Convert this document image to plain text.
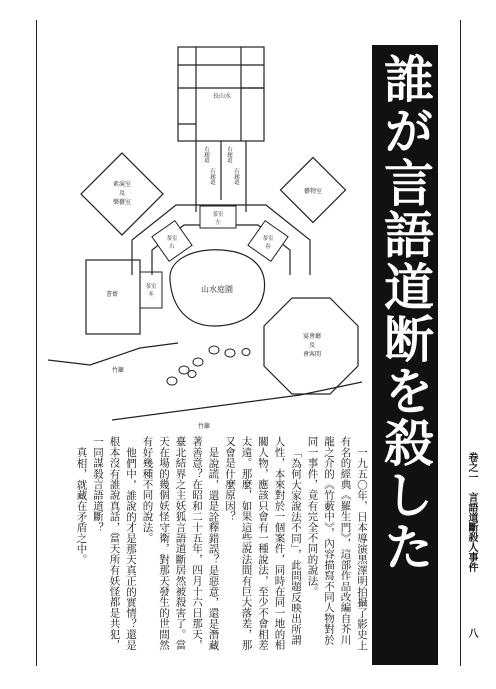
長山水
右廊道
石廊道
右廊道
石廊道
茶室
左
茶室
右
茶室
春
素演室
及
樂藝室
藝物室
書齋
茶室
冬
山水庭園
宴會廳
及
會客間
竹籬
竹籬	誰が言語道断を殺したの？

一九五〇年，日本導演黑澤明拍攝了影史上有名的經典《羅生門》，這部作品改編自芥川龍之介的《竹藪中》，內容描寫不同人物對於同一事件，竟有完全不同的說法。

「為何大家說法不同」，此問題反映出所謂人性，本來對於一個案件，同時在同一地的相關人物，應該只會有一種說法，至少不會相差太遠。那麼，如果這些說法間有巨大落差，那又會是什麼原因？

是說謊，還是詮釋錯誤？是惡意，還是潛藏著善意？在昭和二十五年，四月十六日那天，臺北結界之主妖狐言語道斷居然被殺害了。當天在場的幾個妖怪守衛，對那天發生的世間然有好幾種不同的說法。

他們中，誰說的才是那天真正的實情？還是根本沒有誰說真話，當天所有妖怪都是共犯，一同謀殺言語道斷？

真相，就藏在矛盾之中。	卷之一　言語道斷殺人事件
八
